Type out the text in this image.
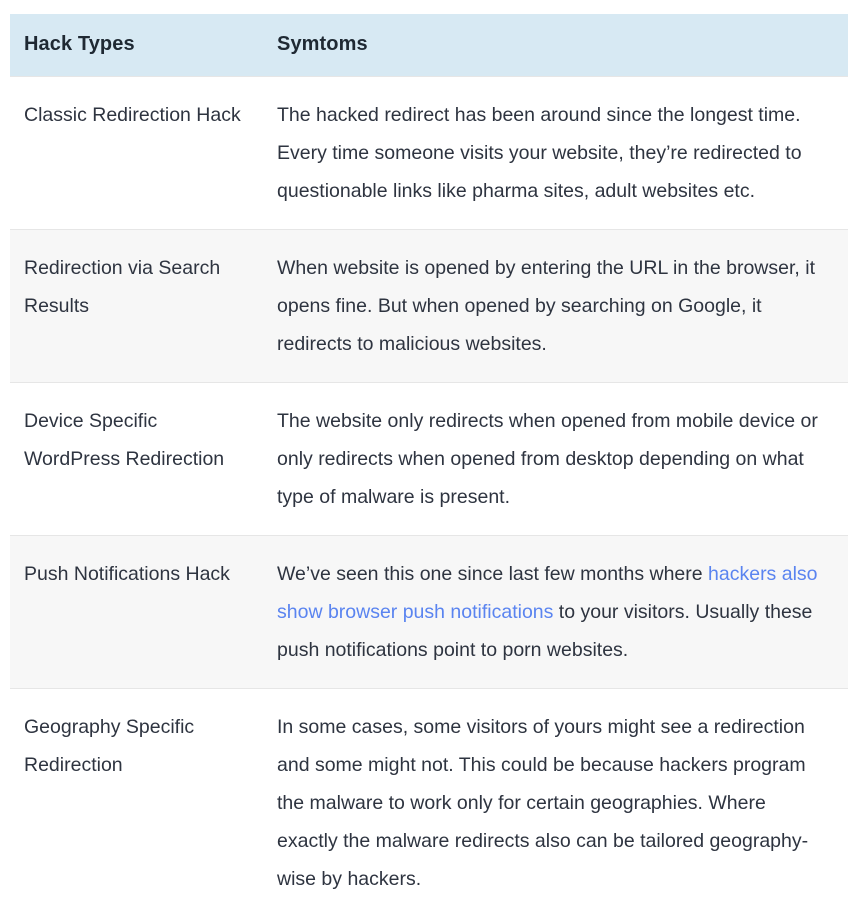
Hack Types	Symtoms
Classic Redirection Hack	The hacked redirect has been around since the longest time. Every time someone visits your website, they’re redirected to questionable links like pharma sites, adult websites etc.
Redirection via Search Results	When website is opened by entering the URL in the browser, it opens fine. But when opened by searching on Google, it redirects to malicious websites.
Device Specific WordPress Redirection	The website only redirects when opened from mobile device or only redirects when opened from desktop depending on what type of malware is present.
Push Notifications Hack	We’ve seen this one since last few months where hackers also show browser push notifications to your visitors. Usually these push notifications point to porn websites.
Geography Specific Redirection	In some cases, some visitors of yours might see a redirection and some might not. This could be because hackers program the malware to work only for certain geographies. Where exactly the malware redirects also can be tailored geography-wise by hackers.
